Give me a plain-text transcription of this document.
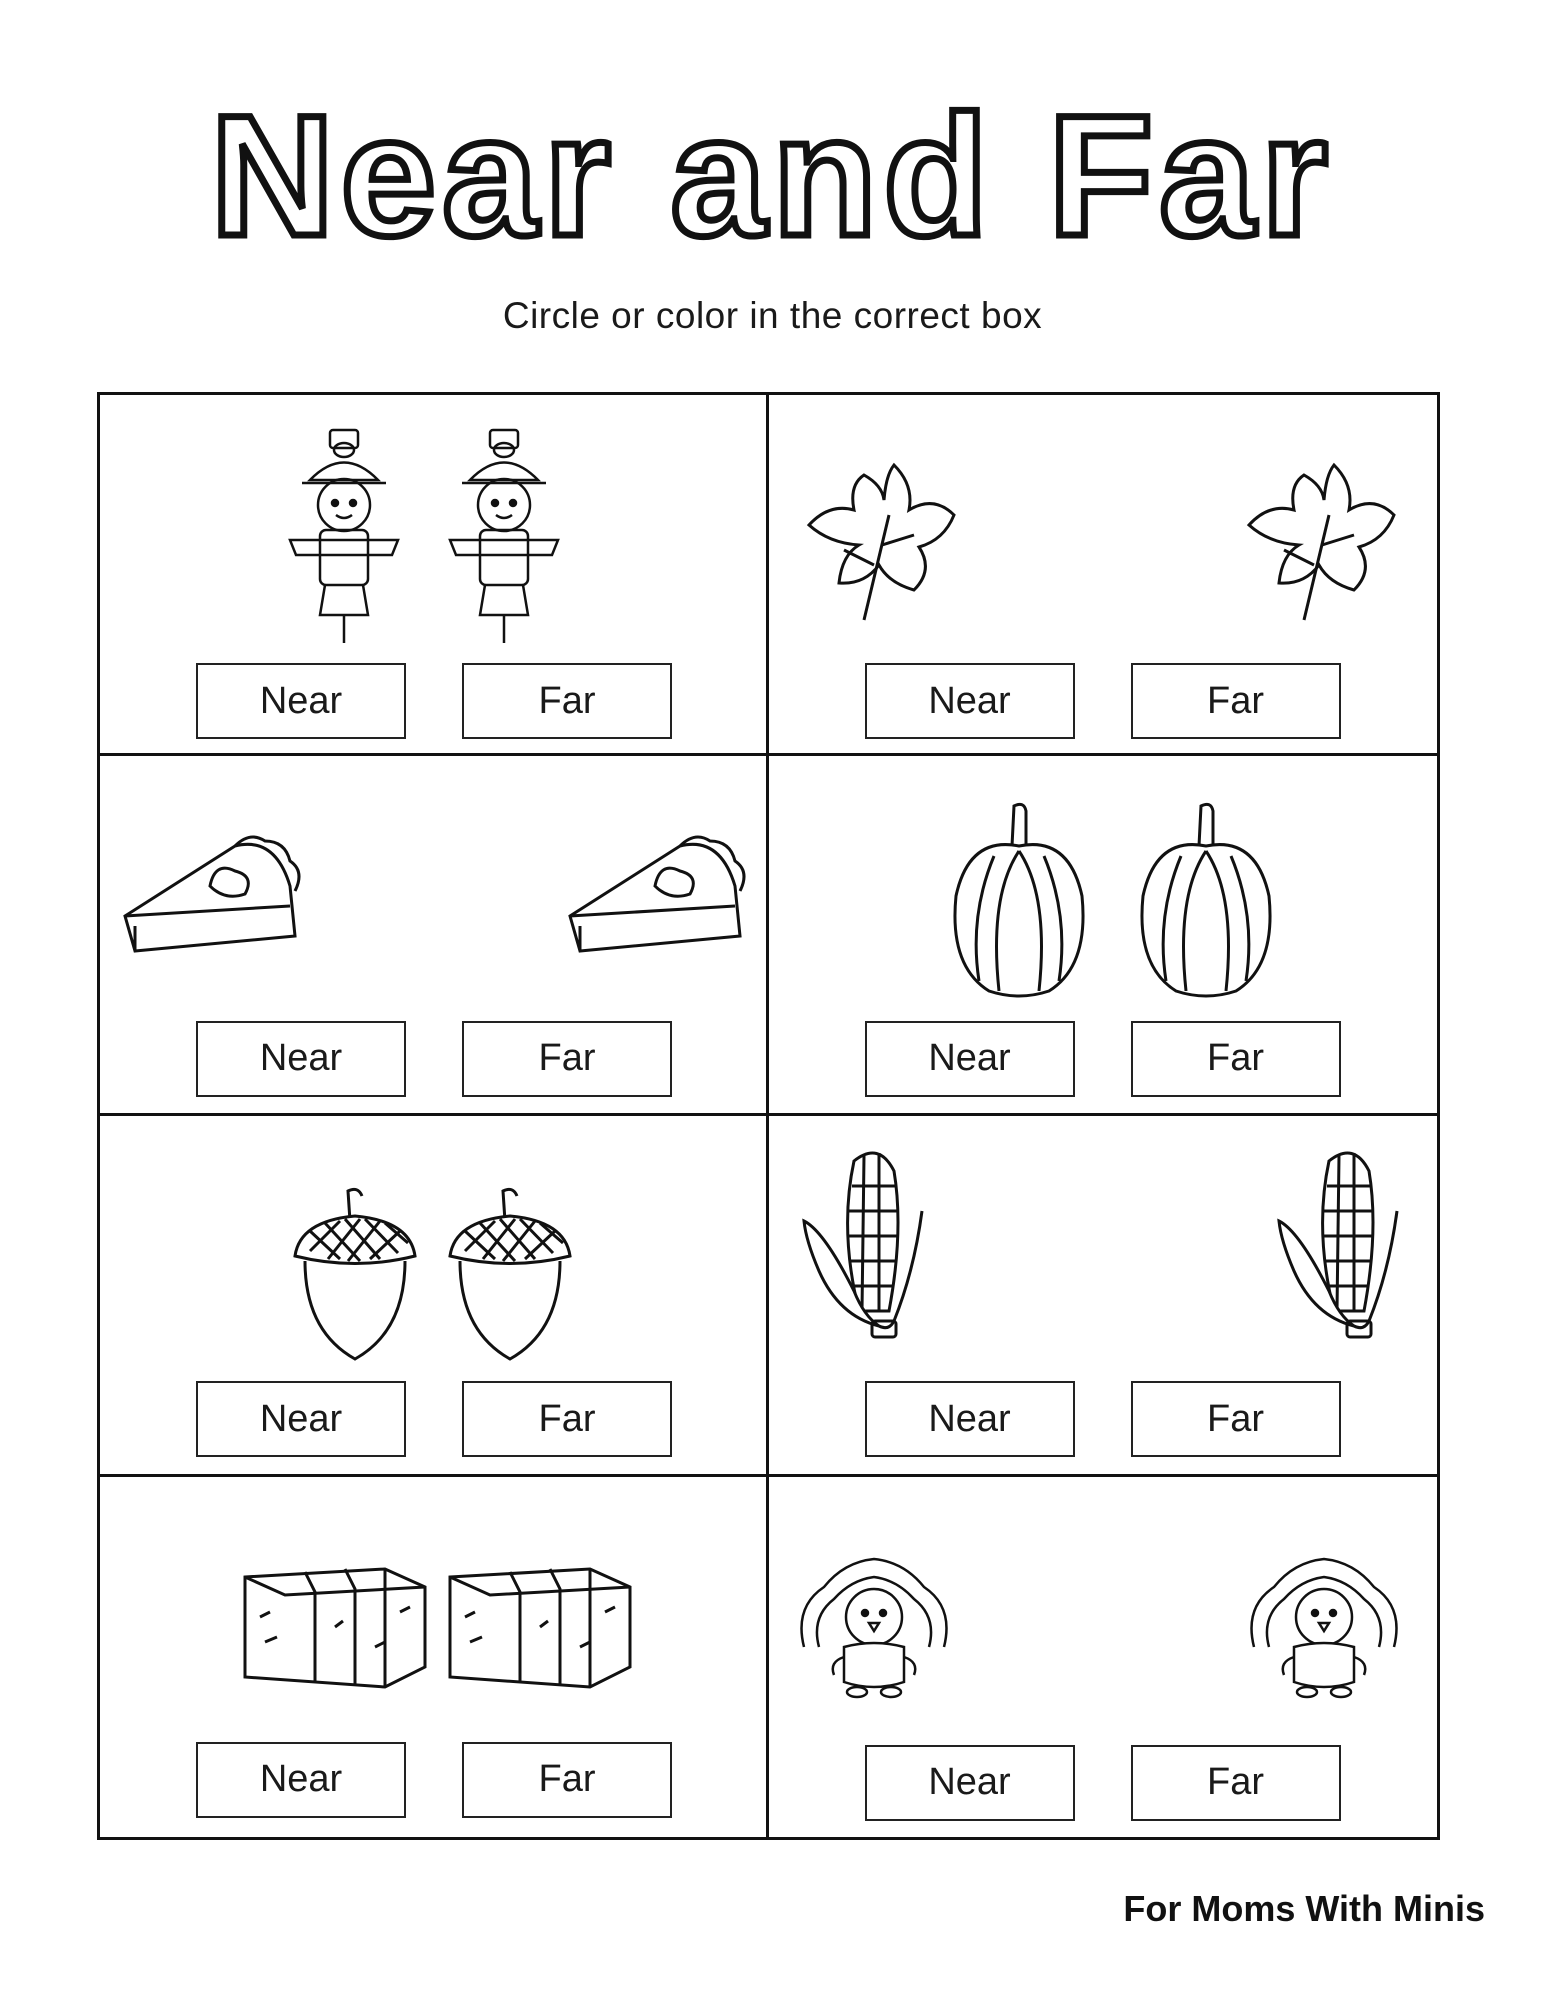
Near and Far
Circle or color in the correct box
Near	Far	Near	Far
Near	Far	Near	Far
Near	Far	Near	Far
Near	Far	Near	Far
For Moms With Minis
